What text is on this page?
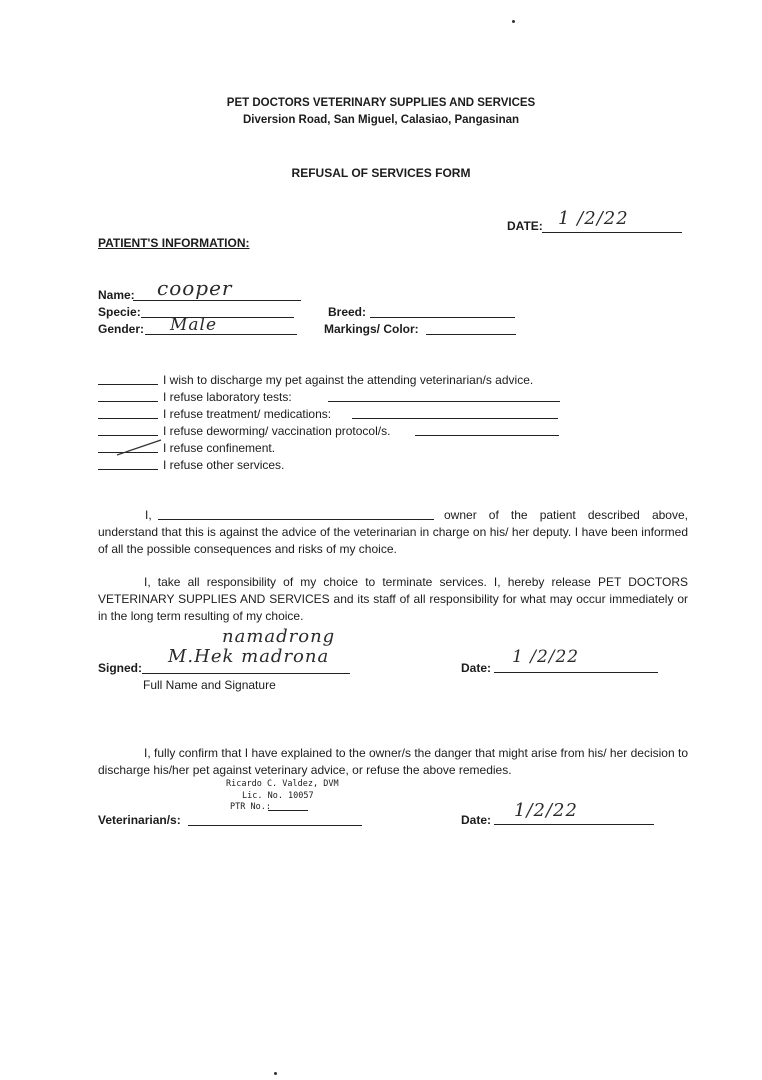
PET DOCTORS VETERINARY SUPPLIES AND SERVICES
Diversion Road, San Miguel, Calasiao, Pangasinan
REFUSAL OF SERVICES FORM
DATE: 1 /2/22
PATIENT'S INFORMATION:
Name: cooper
Specie:
Gender: Male
Breed:
Markings/ Color:
I wish to discharge my pet against the attending veterinarian/s advice.
I refuse laboratory tests:
I refuse treatment/ medications:
I refuse deworming/ vaccination protocol/s.
I refuse confinement.
I refuse other services.
I,	owner of the patient described above,
understand that this is against the advice of the veterinarian in charge on his/ her deputy. I have been informed of all the possible consequences and risks of my choice.
I, take all responsibility of my choice to terminate services. I, hereby release PET DOCTORS VETERINARY SUPPLIES AND SERVICES and its staff of all responsibility for what may occur immediately or in the long term resulting of my choice.
namadrong
M.Hek madrona
Signed:
Full Name and Signature
Date:
1 /2/22
I, fully confirm that I have explained to the owner/s the danger that might arise from his/ her decision to discharge his/her pet against veterinary advice, or refuse the above remedies.
Ricardo C. Valdez, DVM
Lic. No. 10057
PTR No.:
Veterinarian/s:	Date: 1/2/22
